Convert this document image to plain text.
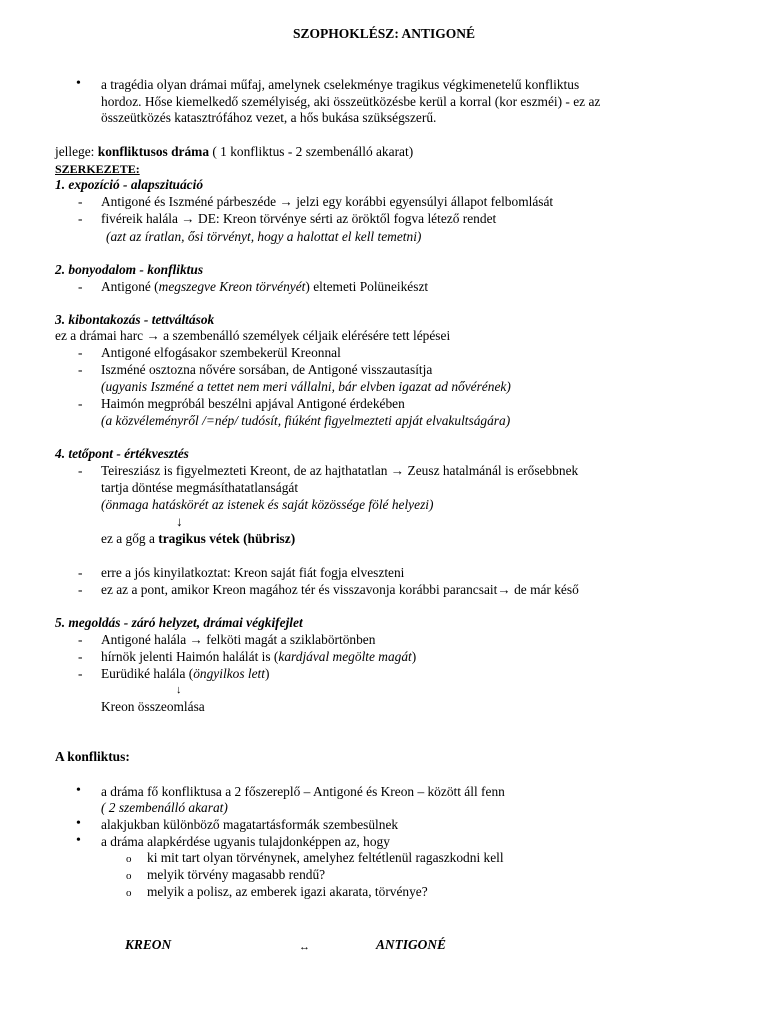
SZOPHOKLÉSZ: ANTIGONÉ
• a tragédia olyan drámai műfaj, amelynek cselekménye tragikus végkimenetelű konfliktus
hordoz. Hőse kiemelkedő személyiség, aki összeütközésbe kerül a korral (kor eszméi) - ez az
összeütközés katasztrófához vezet, a hős bukása szükségszerű.
jellege: konfliktusos dráma ( 1 konfliktus - 2 szembenálló akarat)
SZERKEZETE:
1. expozíció - alapszituáció
- Antigoné és Iszméné párbeszéde → jelzi egy korábbi egyensúlyi állapot felbomlását
- fivéreik halála → DE: Kreon törvénye sérti az öröktől fogva létező rendet
(azt az íratlan, ősi törvényt, hogy a halottat el kell temetni)
2. bonyodalom - konfliktus
- Antigoné (megszegve Kreon törvényét) eltemeti Polüneikészt
3. kibontakozás - tettváltások
ez a drámai harc → a szembenálló személyek céljaik elérésére tett lépései
- Antigoné elfogásakor szembekerül Kreonnal
- Iszméné osztozna nővére sorsában, de Antigoné visszautasítja
(ugyanis Iszméné a tettet nem meri vállalni, bár elvben igazat ad nővérének)
- Haimón megpróbál beszélni apjával Antigoné érdekében
(a közvéleményről /=nép/ tudósít, fiúként figyelmezteti apját elvakultságára)
4. tetőpont - értékvesztés
- Teiresziász is figyelmezteti Kreont, de az hajthatatlan → Zeusz hatalmánál is erősebbnek
tartja döntése megmásíthatatlanságát
(önmaga hatáskörét az istenek és saját közössége fölé helyezi)
↓
ez a gőg a tragikus vétek (hübrisz)
- erre a jós kinyilatkoztat: Kreon saját fiát fogja elveszteni
- ez az a pont, amikor Kreon magához tér és visszavonja korábbi parancsait→ de már késő
5. megoldás - záró helyzet, drámai végkifejlet
- Antigoné halála → felköti magát a sziklabörtönben
- hírnök jelenti Haimón halálát is (kardjával megölte magát)
- Eurüdiké halála (öngyilkos lett)
↓
Kreon összeomlása
A konfliktus:
• a dráma fő konfliktusa a 2 főszereplő – Antigoné és Kreon – között áll fenn
( 2 szembenálló akarat)
• alakjukban különböző magatartásformák szembesülnek
• a dráma alapkérdése ugyanis tulajdonképpen az, hogy
o ki mit tart olyan törvénynek, amelyhez feltétlenül ragaszkodni kell
o melyik törvény magasabb rendű?
o melyik a polisz, az emberek igazi akarata, törvénye?
KREON	↔	ANTIGONÉ
